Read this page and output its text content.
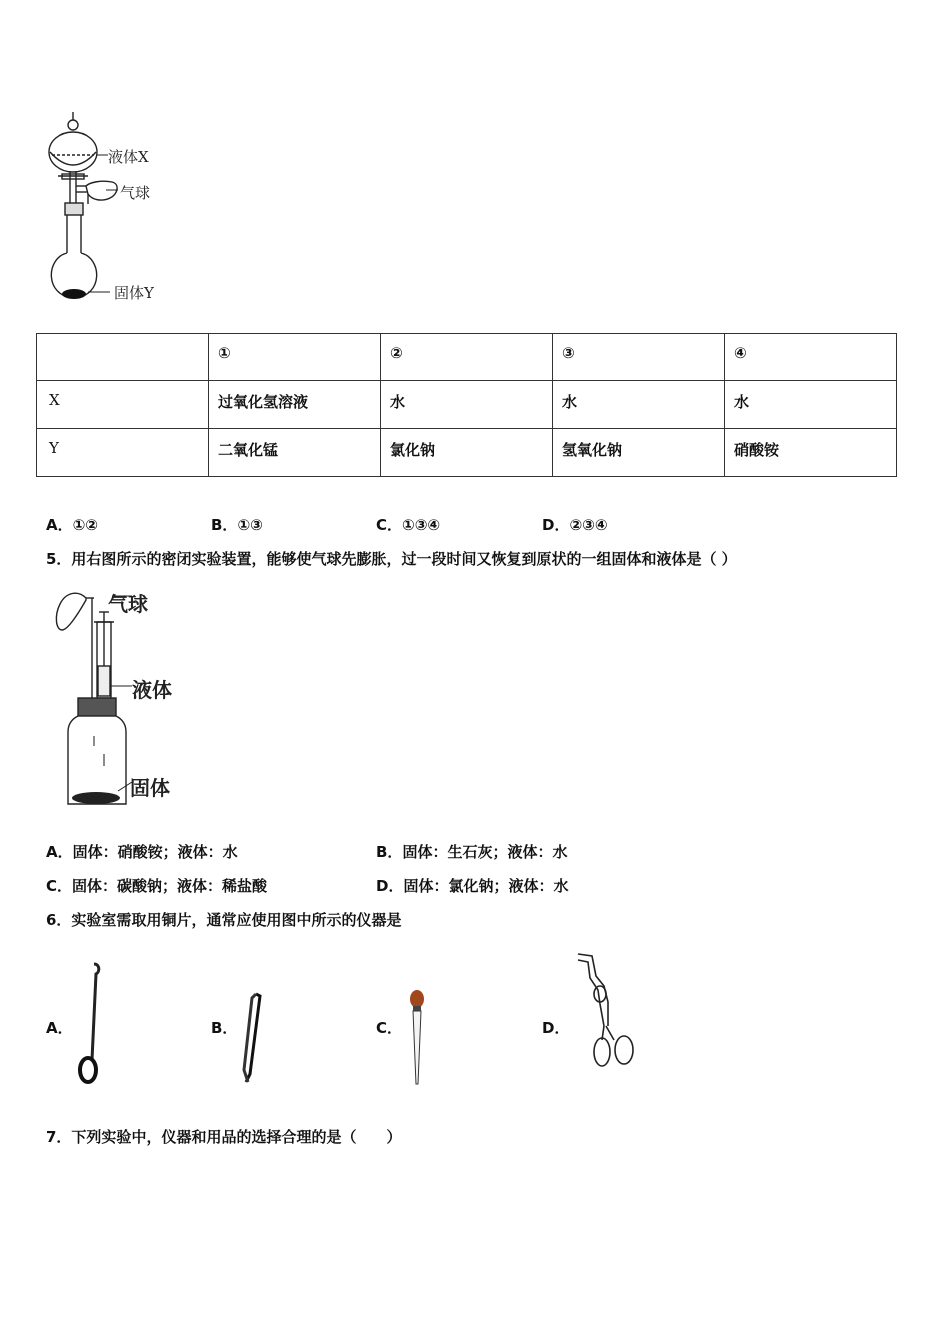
液体X
气球
固体Y
	①	②	③	④
X	过氧化氢溶液	水	水	水
Y	二氧化锰	氯化钠	氢氧化钠	硝酸铵
A．①②	B．①③	C．①③④	D．②③④
5．用右图所示的密闭实验装置，能够使气球先膨胀，过一段时间又恢复到原状的一组固体和液体是（ ）
气球
液体
固体
A．固体：硝酸铵；液体：水	B．固体：生石灰；液体：水
C．固体：碳酸钠；液体：稀盐酸	D．固体：氯化钠；液体：水
6．实验室需取用铜片，通常应使用图中所示的仪器是
A．	B．	C．	D．
7．下列实验中，仪器和用品的选择合理的是（　　）
